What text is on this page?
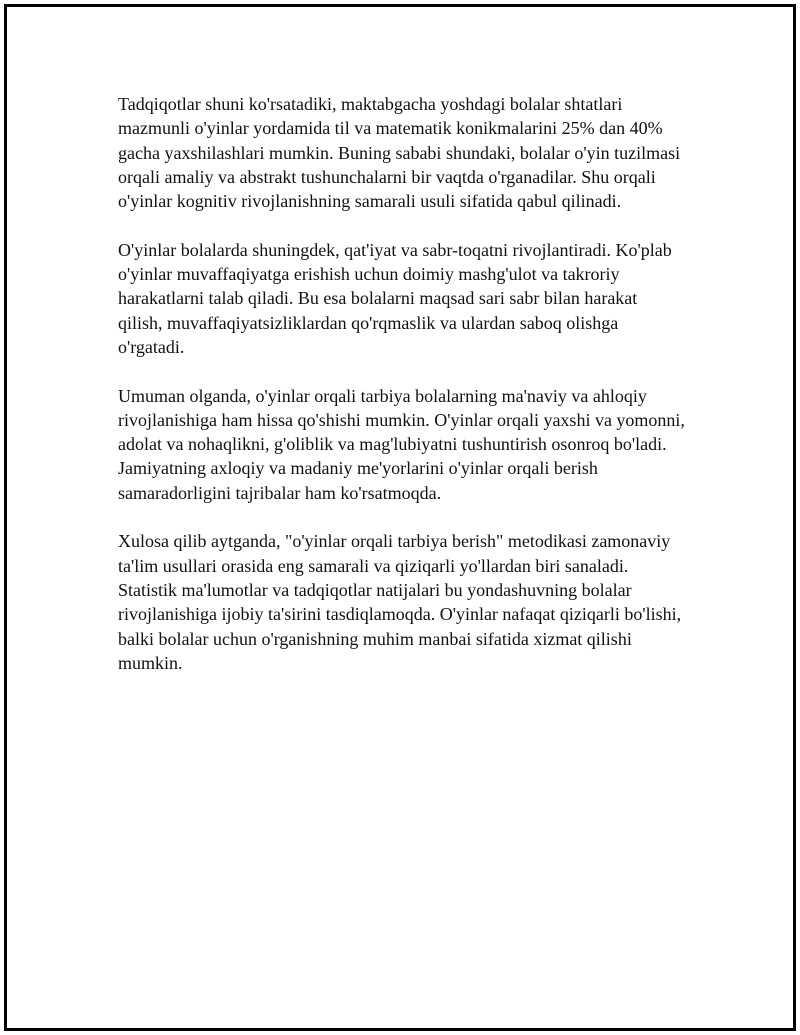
Tadqiqotlar shuni ko'rsatadiki, maktabgacha yoshdagi bolalar shtatlari mazmunli o'yinlar yordamida til va matematik konikmalarini 25% dan 40% gacha yaxshilashlari mumkin. Buning sababi shundaki, bolalar o'yin tuzilmasi orqali amaliy va abstrakt tushunchalarni bir vaqtda o'rganadilar. Shu orqali o'yinlar kognitiv rivojlanishning samarali usuli sifatida qabul qilinadi.

O'yinlar bolalarda shuningdek, qat'iyat va sabr-toqatni rivojlantiradi. Ko'plab o'yinlar muvaffaqiyatga erishish uchun doimiy mashg'ulot va takroriy harakatlarni talab qiladi. Bu esa bolalarni maqsad sari sabr bilan harakat qilish, muvaffaqiyatsizliklardan qo'rqmaslik va ulardan saboq olishga o'rgatadi.

Umuman olganda, o'yinlar orqali tarbiya bolalarning ma'naviy va ahloqiy rivojlanishiga ham hissa qo'shishi mumkin. O'yinlar orqali yaxshi va yomonni, adolat va nohaqlikni, g'oliblik va mag'lubiyatni tushuntirish osonroq bo'ladi. Jamiyatning axloqiy va madaniy me'yorlarini o'yinlar orqali berish samaradorligini tajribalar ham ko'rsatmoqda.

Xulosa qilib aytganda, "o'yinlar orqali tarbiya berish" metodikasi zamonaviy ta'lim usullari orasida eng samarali va qiziqarli yo'llardan biri sanaladi. Statistik ma'lumotlar va tadqiqotlar natijalari bu yondashuvning bolalar rivojlanishiga ijobiy ta'sirini tasdiqlamoqda. O'yinlar nafaqat qiziqarli bo'lishi, balki bolalar uchun o'rganishning muhim manbai sifatida xizmat qilishi mumkin.
